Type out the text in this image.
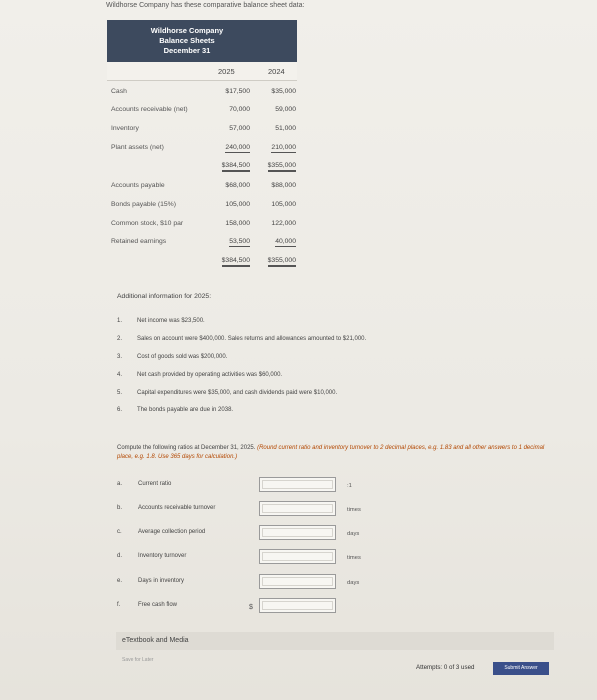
Wildhorse Company has these comparative balance sheet data:
Wildhorse Company
Balance Sheets
December 31
2025	2024
Cash	$17,500	$35,000
Accounts receivable (net)	70,000	59,000
Inventory	57,000	51,000
Plant assets (net)	240,000	210,000
$384,500	$355,000
Accounts payable	$68,000	$88,000
Bonds payable (15%)	105,000	105,000
Common stock, $10 par	158,000	122,000
Retained earnings	53,500	40,000
$384,500	$355,000
Additional information for 2025:
1. Net income was $23,500.
2. Sales on account were $400,000. Sales returns and allowances amounted to $21,000.
3. Cost of goods sold was $200,000.
4. Net cash provided by operating activities was $60,000.
5. Capital expenditures were $35,000, and cash dividends paid were $10,000.
6. The bonds payable are due in 2038.
Compute the following ratios at December 31, 2025. (Round current ratio and inventory turnover to 2 decimal places, e.g. 1.83 and all other answers to 1 decimal place, e.g. 1.8. Use 365 days for calculation.)
a.	Current ratio	:1
b.	Accounts receivable turnover	times
c.	Average collection period	days
d.	Inventory turnover	times
e.	Days in inventory	days
f.	Free cash flow	$
eTextbook and Media
Save for Later
Attempts: 0 of 3 used	Submit Answer
